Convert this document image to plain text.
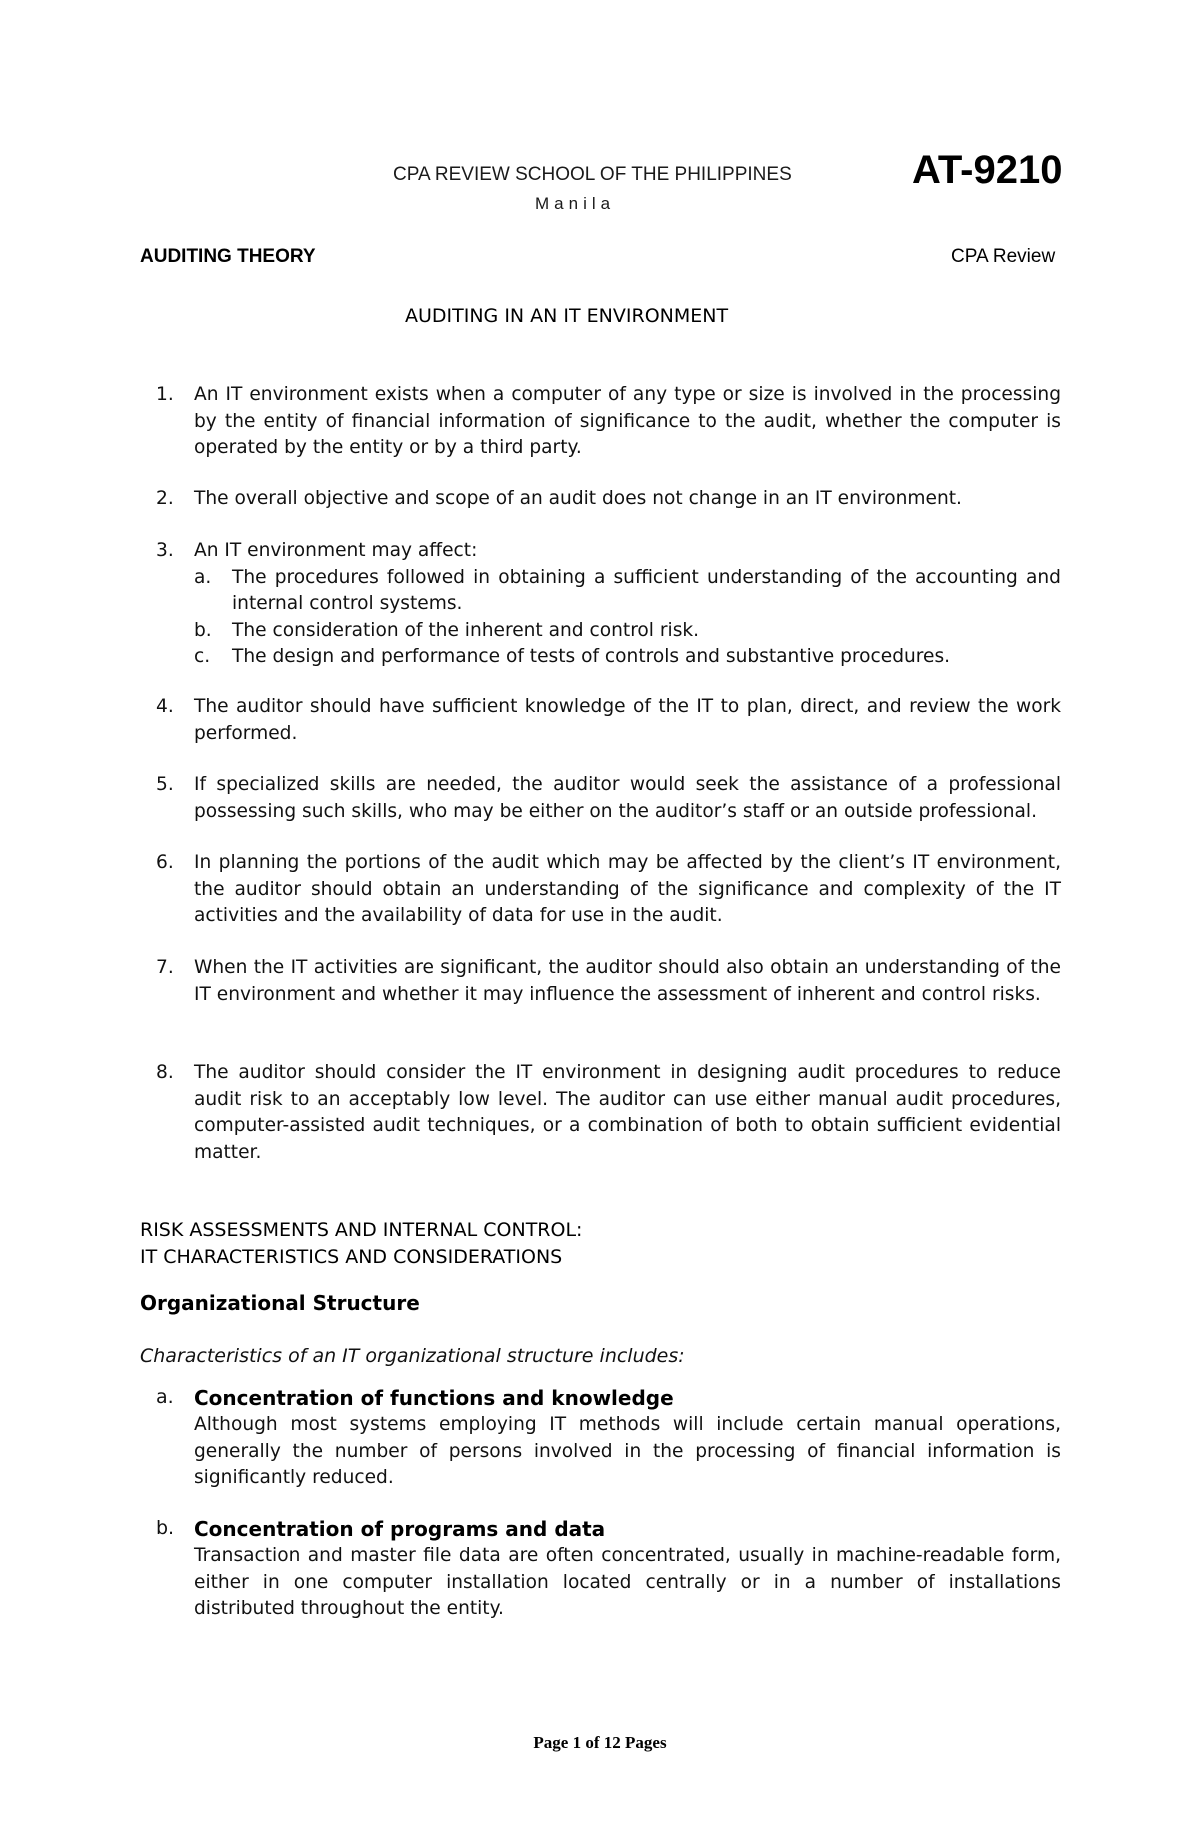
CPA REVIEW SCHOOL OF THE PHILIPPINES
Manila
AT-9210
AUDITING THEORY	CPA Review
AUDITING IN AN IT ENVIRONMENT
1. An IT environment exists when a computer of any type or size is involved in the processing by the entity of financial information of significance to the audit, whether the computer is operated by the entity or by a third party.
2. The overall objective and scope of an audit does not change in an IT environment.
3. An IT environment may affect:
a. The procedures followed in obtaining a sufficient understanding of the accounting and internal control systems.
b. The consideration of the inherent and control risk.
c. The design and performance of tests of controls and substantive procedures.
4. The auditor should have sufficient knowledge of the IT to plan, direct, and review the work performed.
5. If specialized skills are needed, the auditor would seek the assistance of a professional possessing such skills, who may be either on the auditor’s staff or an outside professional.
6. In planning the portions of the audit which may be affected by the client’s IT environment, the auditor should obtain an understanding of the significance and complexity of the IT activities and the availability of data for use in the audit.
7. When the IT activities are significant, the auditor should also obtain an understanding of the IT environment and whether it may influence the assessment of inherent and control risks.
8. The auditor should consider the IT environment in designing audit procedures to reduce audit risk to an acceptably low level. The auditor can use either manual audit procedures, computer-assisted audit techniques, or a combination of both to obtain sufficient evidential matter.
RISK ASSESSMENTS AND INTERNAL CONTROL:
IT CHARACTERISTICS AND CONSIDERATIONS
Organizational Structure
Characteristics of an IT organizational structure includes:
a. Concentration of functions and knowledge
Although most systems employing IT methods will include certain manual operations, generally the number of persons involved in the processing of financial information is significantly reduced.
b. Concentration of programs and data
Transaction and master file data are often concentrated, usually in machine-readable form, either in one computer installation located centrally or in a number of installations distributed throughout the entity.
Page 1 of 12 Pages
